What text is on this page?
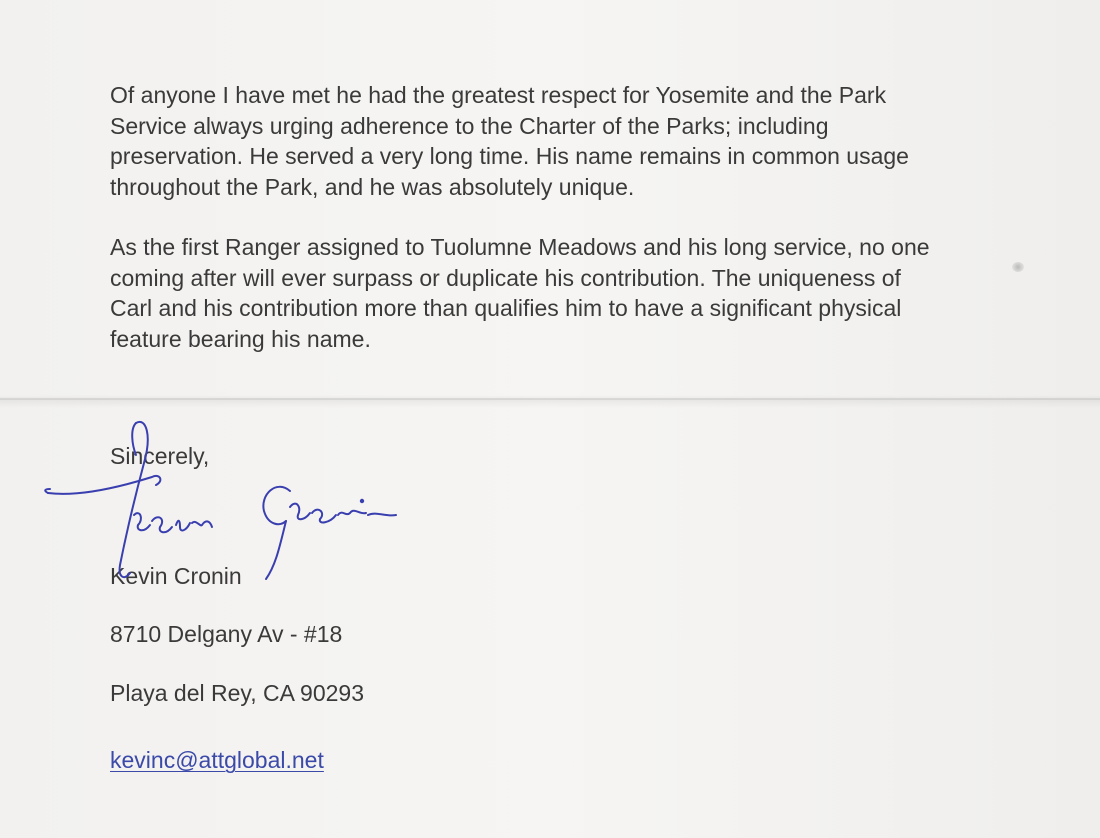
Of anyone I have met he had the greatest respect for Yosemite and the Park
Service always urging adherence to the Charter of the Parks; including
preservation. He served a very long time. His name remains in common usage
throughout the Park, and he was absolutely unique.

As the first Ranger assigned to Tuolumne Meadows and his long service, no one
coming after will ever surpass or duplicate his contribution. The uniqueness of
Carl and his contribution more than qualifies him to have a significant physical
feature bearing his name.

Sincerely,

Kevin Cronin

8710 Delgany Av - #18

Playa del Rey, CA 90293

kevinc@attglobal.net
